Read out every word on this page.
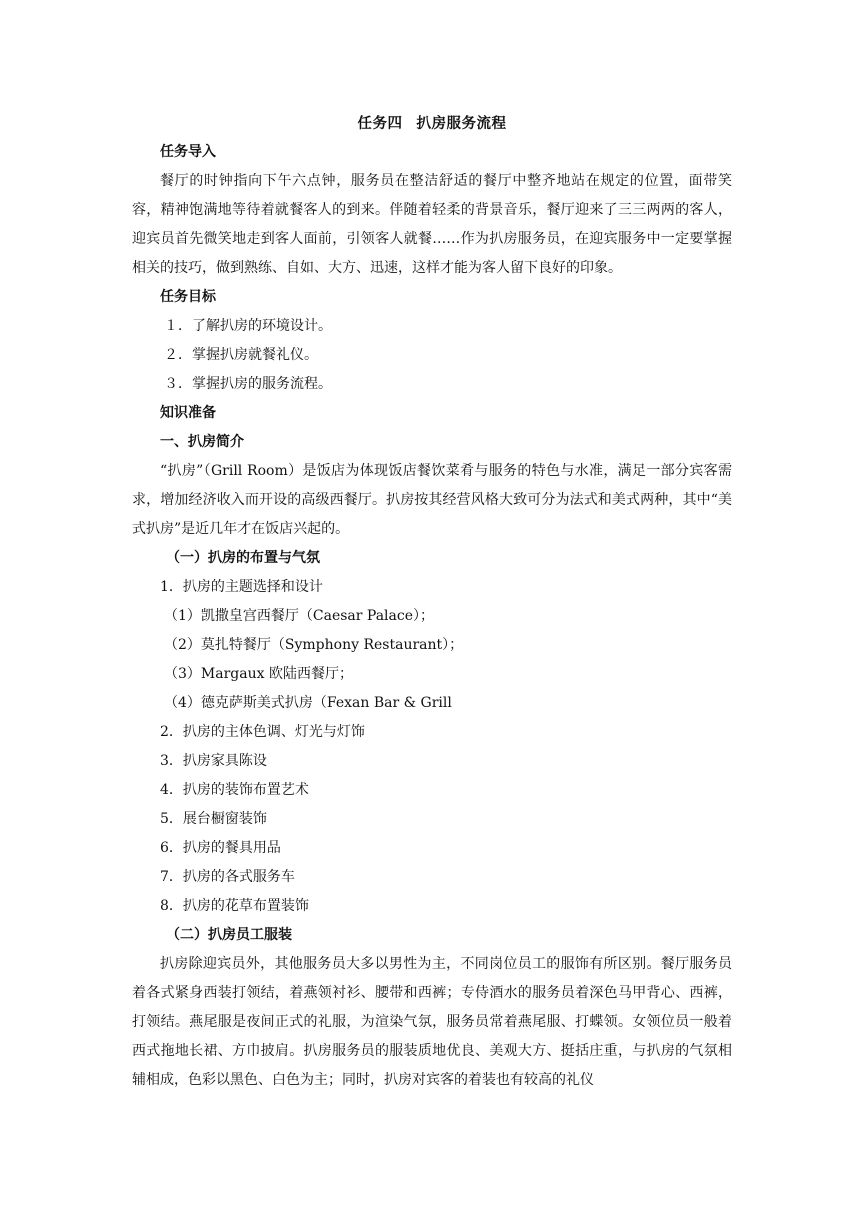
任务四 扒房服务流程
任务导入

餐厅的时钟指向下午六点钟，服务员在整洁舒适的餐厅中整齐地站在规定的位置，面带笑容，精神饱满地等待着就餐客人的到来。伴随着轻柔的背景音乐，餐厅迎来了三三两两的客人，迎宾员首先微笑地走到客人面前，引领客人就餐……作为扒房服务员，在迎宾服务中一定要掌握相关的技巧，做到熟练、自如、大方、迅速，这样才能为客人留下良好的印象。

任务目标
１．了解扒房的环境设计。
２．掌握扒房就餐礼仪。
３．掌握扒房的服务流程。
知识准备
一、扒房简介

“扒房”（Grill Room）是饭店为体现饭店餐饮菜肴与服务的特色与水准，满足一部分宾客需求，增加经济收入而开设的高级西餐厅。扒房按其经营风格大致可分为法式和美式两种，其中“美式扒房”是近几年才在饭店兴起的。

（一）扒房的布置与气氛
1．扒房的主题选择和设计
（1）凯撒皇宫西餐厅（Caesar Palace）；
（2）莫扎特餐厅（Symphony Restaurant）；
（3）Margaux 欧陆西餐厅；
（4）德克萨斯美式扒房（Fexan Bar & Grill
2．扒房的主体色调、灯光与灯饰
3．扒房家具陈设
4．扒房的装饰布置艺术
5．展台橱窗装饰
6．扒房的餐具用品
7．扒房的各式服务车
8．扒房的花草布置装饰
（二）扒房员工服装

扒房除迎宾员外，其他服务员大多以男性为主，不同岗位员工的服饰有所区别。餐厅服务员着各式紧身西装打领结，着燕领衬衫、腰带和西裤；专侍酒水的服务员着深色马甲背心、西裤，打领结。燕尾服是夜间正式的礼服，为渲染气氛，服务员常着燕尾服、打蝶领。女领位员一般着西式拖地长裙、方巾披肩。扒房服务员的服装质地优良、美观大方、挺括庄重，与扒房的气氛相辅相成，色彩以黑色、白色为主；同时，扒房对宾客的着装也有较高的礼仪
